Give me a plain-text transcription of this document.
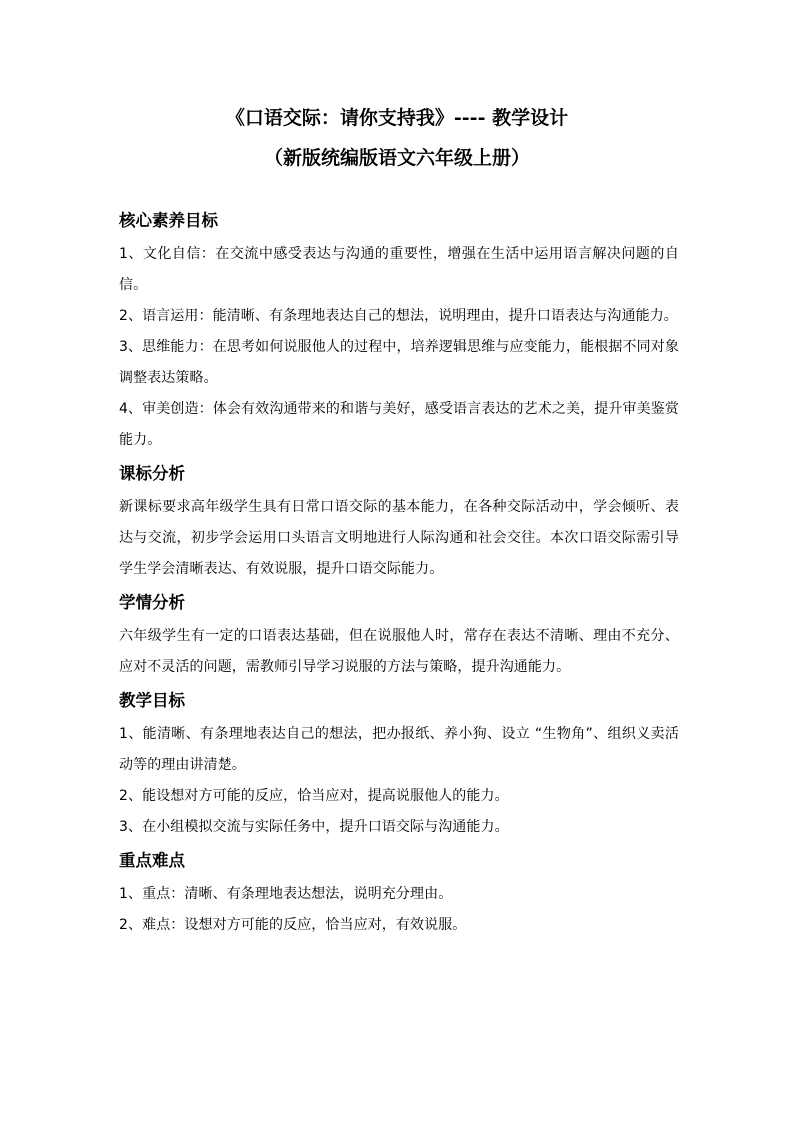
《口语交际：请你支持我》---- 教学设计
（新版统编版语文六年级上册）
核心素养目标

1、文化自信：在交流中感受表达与沟通的重要性，增强在生活中运用语言解决问题的自信。

2、语言运用：能清晰、有条理地表达自己的想法，说明理由，提升口语表达与沟通能力。

3、思维能力：在思考如何说服他人的过程中，培养逻辑思维与应变能力，能根据不同对象调整表达策略。

4、审美创造：体会有效沟通带来的和谐与美好，感受语言表达的艺术之美，提升审美鉴赏能力。

课标分析

新课标要求高年级学生具有日常口语交际的基本能力，在各种交际活动中，学会倾听、表达与交流，初步学会运用口头语言文明地进行人际沟通和社会交往。本次口语交际需引导学生学会清晰表达、有效说服，提升口语交际能力。

学情分析

六年级学生有一定的口语表达基础，但在说服他人时，常存在表达不清晰、理由不充分、应对不灵活的问题，需教师引导学习说服的方法与策略，提升沟通能力。

教学目标

1、能清晰、有条理地表达自己的想法，把办报纸、养小狗、设立 “生物角”、组织义卖活动等的理由讲清楚。

2、能设想对方可能的反应，恰当应对，提高说服他人的能力。

3、在小组模拟交流与实际任务中，提升口语交际与沟通能力。

重点难点

1、重点：清晰、有条理地表达想法，说明充分理由。

2、难点：设想对方可能的反应，恰当应对，有效说服。
